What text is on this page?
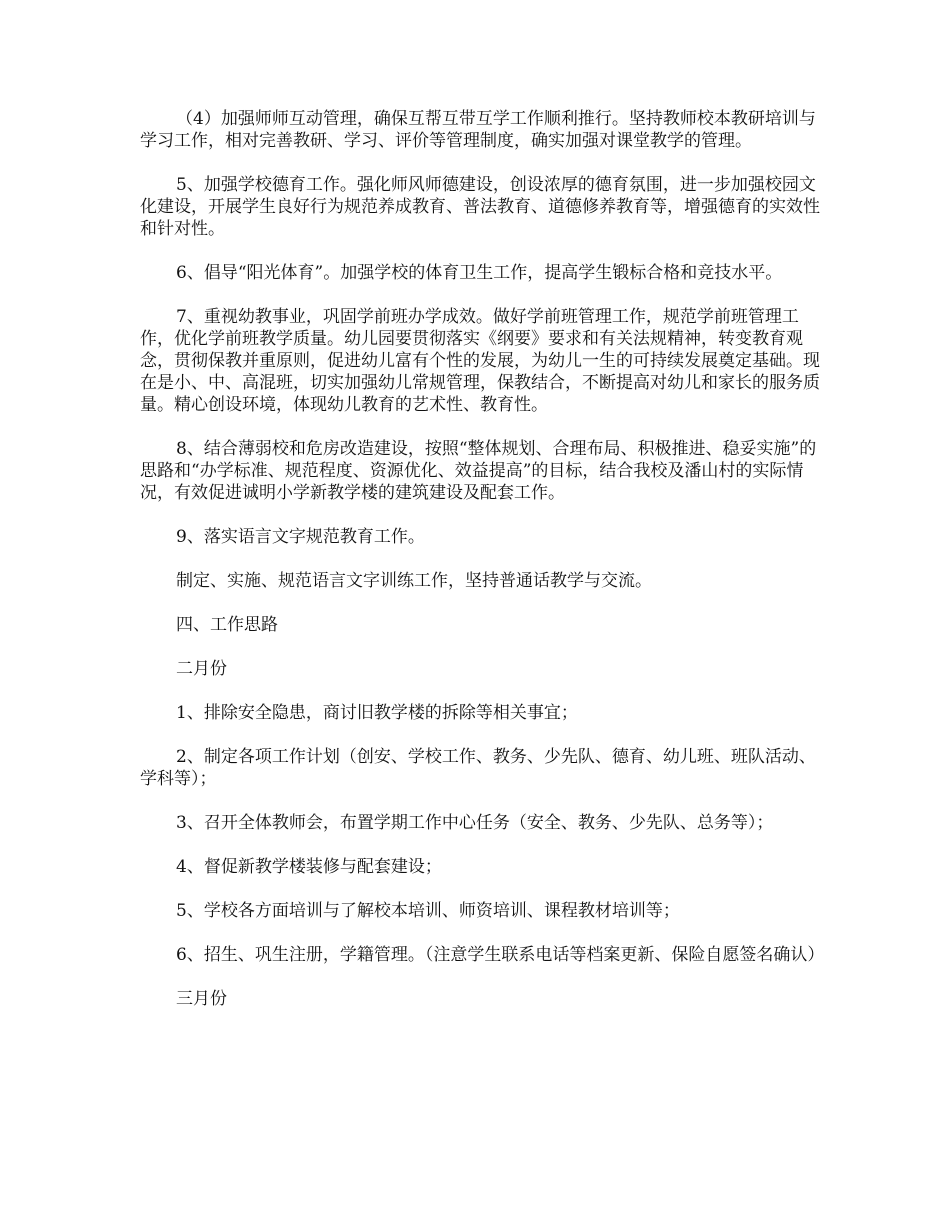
（4）加强师师互动管理，确保互帮互带互学工作顺利推行。坚持教师校本教研培训与学习工作，相对完善教研、学习、评价等管理制度，确实加强对课堂教学的管理。

5、加强学校德育工作。强化师风师德建设，创设浓厚的德育氛围，进一步加强校园文化建设，开展学生良好行为规范养成教育、普法教育、道德修养教育等，增强德育的实效性和针对性。

6、倡导“阳光体育”。加强学校的体育卫生工作，提高学生锻标合格和竞技水平。

7、重视幼教事业，巩固学前班办学成效。做好学前班管理工作，规范学前班管理工作，优化学前班教学质量。幼儿园要贯彻落实《纲要》要求和有关法规精神，转变教育观念，贯彻保教并重原则，促进幼儿富有个性的发展，为幼儿一生的可持续发展奠定基础。现在是小、中、高混班，切实加强幼儿常规管理，保教结合，不断提高对幼儿和家长的服务质量。精心创设环境，体现幼儿教育的艺术性、教育性。

8、结合薄弱校和危房改造建设，按照“整体规划、合理布局、积极推进、稳妥实施”的思路和“办学标准、规范程度、资源优化、效益提高”的目标，结合我校及潘山村的实际情况，有效促进诚明小学新教学楼的建筑建设及配套工作。

9、落实语言文字规范教育工作。

制定、实施、规范语言文字训练工作，坚持普通话教学与交流。

四、工作思路

二月份

1、排除安全隐患，商讨旧教学楼的拆除等相关事宜；

2、制定各项工作计划（创安、学校工作、教务、少先队、德育、幼儿班、班队活动、学科等）；

3、召开全体教师会，布置学期工作中心任务（安全、教务、少先队、总务等）；

4、督促新教学楼装修与配套建设；

5、学校各方面培训与了解校本培训、师资培训、课程教材培训等；

6、招生、巩生注册，学籍管理。（注意学生联系电话等档案更新、保险自愿签名确认）

三月份
